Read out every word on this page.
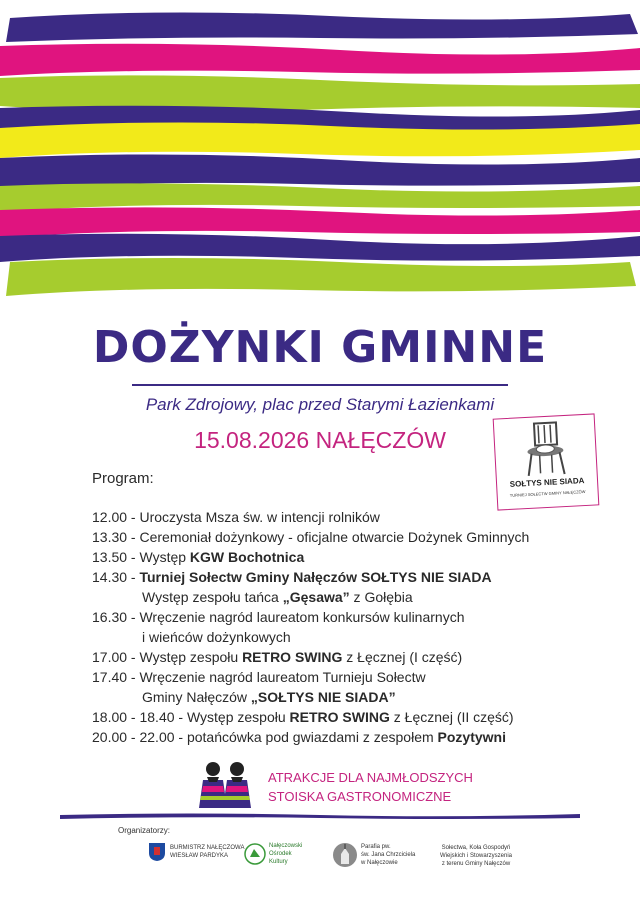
DOŻYNKI GMINNE
Park Zdrojowy, plac przed Starymi Łazienkami
15.08.2026 NAŁĘCZÓW
SOŁTYS NIE SIADA
TURNIEJ SOŁECTW GMINY NAŁĘCZÓW
Program:
12.00 - Uroczysta Msza św. w intencji rolników
13.30 - Ceremoniał dożynkowy - oficjalne otwarcie Dożynek Gminnych
13.50 - Występ KGW Bochotnica
14.30 - Turniej Sołectw Gminy Nałęczów SOŁTYS NIE SIADA
Występ zespołu tańca „Gęsawa” z Gołębia
16.30 - Wręczenie nagród laureatom konkursów kulinarnych
i wieńców dożynkowych
17.00 - Występ zespołu RETRO SWING z Łęcznej (I część)
17.40 - Wręczenie nagród laureatom Turnieju Sołectw
Gminy Nałęczów „SOŁTYS NIE SIADA”
18.00 - 18.40 - Występ zespołu RETRO SWING z Łęcznej (II część)
20.00 - 22.00 - potańcówka pod gwiazdami z zespołem Pozytywni
ATRAKCJE DLA NAJMŁODSZYCH
STOISKA GASTRONOMICZNE
Organizatorzy:
BURMISTRZ NAŁĘCZOWA
WIESŁAW PARDYKA
Nałęczowski
Ośrodek
Kultury
Parafia pw.
św. Jana Chrzciciela
w Nałęczowie
Sołectwa, Koła Gospodyń
Wiejskich i Stowarzyszenia
z terenu Gminy Nałęczów
